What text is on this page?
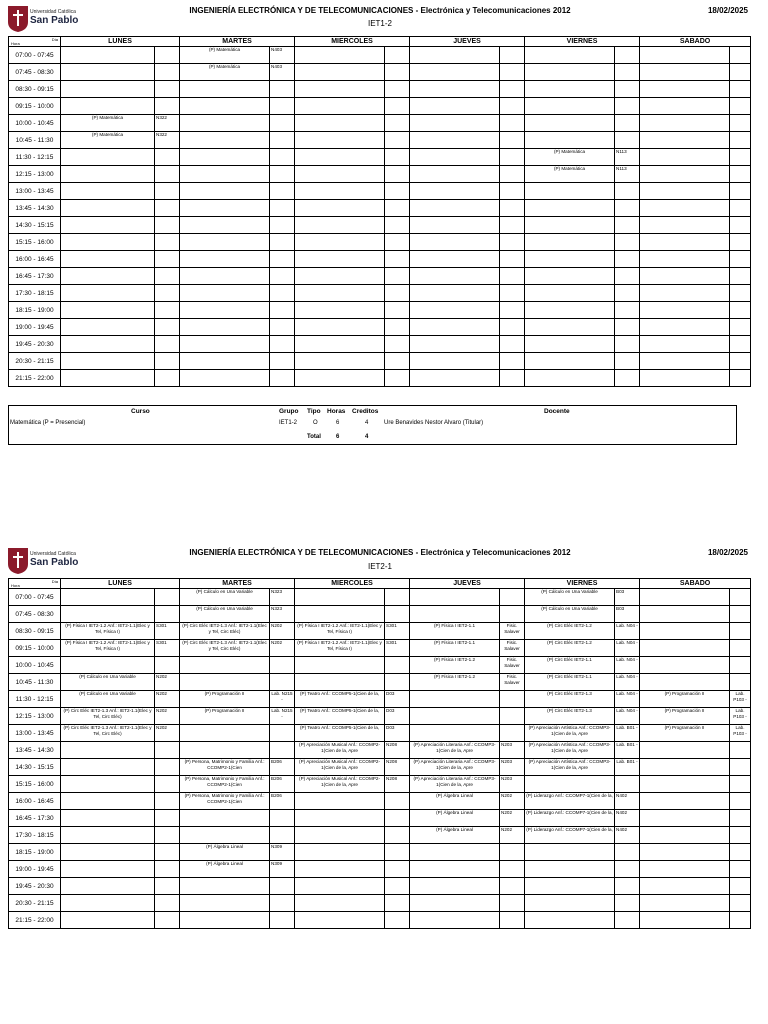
Universidad Católica
San Pablo
INGENIERÍA ELECTRÓNICA Y DE TELECOMUNICACIONES - Electrónica y Telecomunicaciones 2012
IET1-2
18/02/2025
Día
Hora	LUNES		MARTES		MIERCOLES		JUEVES		VIERNES		SABADO	
07:00 - 07:45			(P) Matemática	N403								
07:45 - 08:30			(P) Matemática	N403								
08:30 - 09:15												
09:15 - 10:00												
10:00 - 10:45	(P) Matemática	N322										
10:45 - 11:30	(P) Matemática	N322										
11:30 - 12:15									(P) Matemática	N113		
12:15 - 13:00									(P) Matemática	N113		
13:00 - 13:45												
13:45 - 14:30												
14:30 - 15:15												
15:15 - 16:00												
16:00 - 16:45												
16:45 - 17:30												
17:30 - 18:15												
18:15 - 19:00												
19:00 - 19:45												
19:45 - 20:30												
20:30 - 21:15												
21:15 - 22:00												
Curso	Grupo Tipo Horas Creditos	Docente
Matemática (P = Presencial)	IET1-2	O	6	4	Ure Benavides Nestor Alvaro (Titular)
Total	6	4
Universidad Católica
San Pablo
INGENIERÍA ELECTRÓNICA Y DE TELECOMUNICACIONES - Electrónica y Telecomunicaciones 2012
IET2-1
18/02/2025
Día
Hora	LUNES		MARTES		MIERCOLES		JUEVES		VIERNES		SABADO	
07:00 - 07:45			(P) Cálculo en Una Variable	N323					(P) Cálculo en Una Variable	B03		
07:45 - 08:30			(P) Cálculo en Una Variable	N323					(P) Cálculo en Una Variable	B03		
08:30 - 09:15	(P) Física I IET2-1.2 Anf.: IET2-1.1(Elec y Tel, Física I)	S301	(P) Circ Eléc IET2-1.3 Anf.: IET2-1.1(Elec y Tel, Circ Eléc)	N202	(P) Física I IET2-1.2 Anf.: IET2-1.1(Elec y Tel, Física I)	S301	(P) Física I IET2-1.1	Fisic. Salaver	(P) Circ Eléc IET2-1.2	Lab. N04 -		
09:15 - 10:00	(P) Física I IET2-1.2 Anf.: IET2-1.1(Elec y Tel, Física I)	S301	(P) Circ Eléc IET2-1.3 Anf.: IET2-1.1(Elec y Tel, Circ Eléc)	N202	(P) Física I IET2-1.2 Anf.: IET2-1.1(Elec y Tel, Física I)	S301	(P) Física I IET2-1.1	Fisic. Salaver	(P) Circ Eléc IET2-1.2	Lab. N04 -		
10:00 - 10:45							(P) Física I IET2-1.2	Fisic. Salaver	(P) Circ Eléc IET2-1.1	Lab. N04 -		
10:45 - 11:30	(P) Cálculo en Una Variable	N202					(P) Física I IET2-1.2	Fisic. Salaver	(P) Circ Eléc IET2-1.1	Lab. N04 -		
11:30 - 12:15	(P) Cálculo en Una Variable	N202	(P) Programación II	Lab. N215 -	(P) Teatro Anf.: CCOMP5-1(Cien de la,	D03			(P) Circ Eléc IET2-1.3	Lab. N04 -	(P) Programación II	Lab. P103 -
12:15 - 13:00	(P) Circ Eléc IET2-1.3 Anf.: IET2-1.1(Elec y Tel, Circ Eléc)	N202	(P) Programación II	Lab. N215 -	(P) Teatro Anf.: CCOMP5-1(Cien de la,	D03			(P) Circ Eléc IET2-1.3	Lab. N04 -	(P) Programación II	Lab. P103 -
13:00 - 13:45	(P) Circ Eléc IET2-1.3 Anf.: IET2-1.1(Elec y Tel, Circ Eléc)	N202			(P) Teatro Anf.: CCOMP5-1(Cien de la,	D03			(P) Apreciación Artística Anf.: CCOMP3-1(Cien de la, Apre	Lab. B01 -	(P) Programación II	Lab. P103 -
13:45 - 14:30					(P) Apreciación Musical Anf.: CCOMP2-1(Cien de la, Apre	N208	(P) Apreciación Literaria Anf.: CCOMP3-1(Cien de la, Apre	N203	(P) Apreciación Artística Anf.: CCOMP3-1(Cien de la, Apre	Lab. B01 -		
14:30 - 15:15			(P) Persona, Matrimonio y Familia Anf.: CCOMP2-1(Cien	B206	(P) Apreciación Musical Anf.: CCOMP2-1(Cien de la, Apre	N208	(P) Apreciación Literaria Anf.: CCOMP3-1(Cien de la, Apre	N203	(P) Apreciación Artística Anf.: CCOMP3-1(Cien de la, Apre	Lab. B01 -		
15:15 - 16:00			(P) Persona, Matrimonio y Familia Anf.: CCOMP2-1(Cien	B206	(P) Apreciación Musical Anf.: CCOMP2-1(Cien de la, Apre	N208	(P) Apreciación Literaria Anf.: CCOMP3-1(Cien de la, Apre	N203				
16:00 - 16:45			(P) Persona, Matrimonio y Familia Anf.: CCOMP2-1(Cien	B206			(P) Álgebra Lineal	N202	(P) Liderazgo Anf.: CCOMP7-1(Cien de la,	N402		
16:45 - 17:30							(P) Álgebra Lineal	N202	(P) Liderazgo Anf.: CCOMP7-1(Cien de la,	N402		
17:30 - 18:15							(P) Álgebra Lineal	N202	(P) Liderazgo Anf.: CCOMP7-1(Cien de la,	N402		
18:15 - 19:00			(P) Álgebra Lineal	N309								
19:00 - 19:45			(P) Álgebra Lineal	N309								
19:45 - 20:30												
20:30 - 21:15												
21:15 - 22:00												
